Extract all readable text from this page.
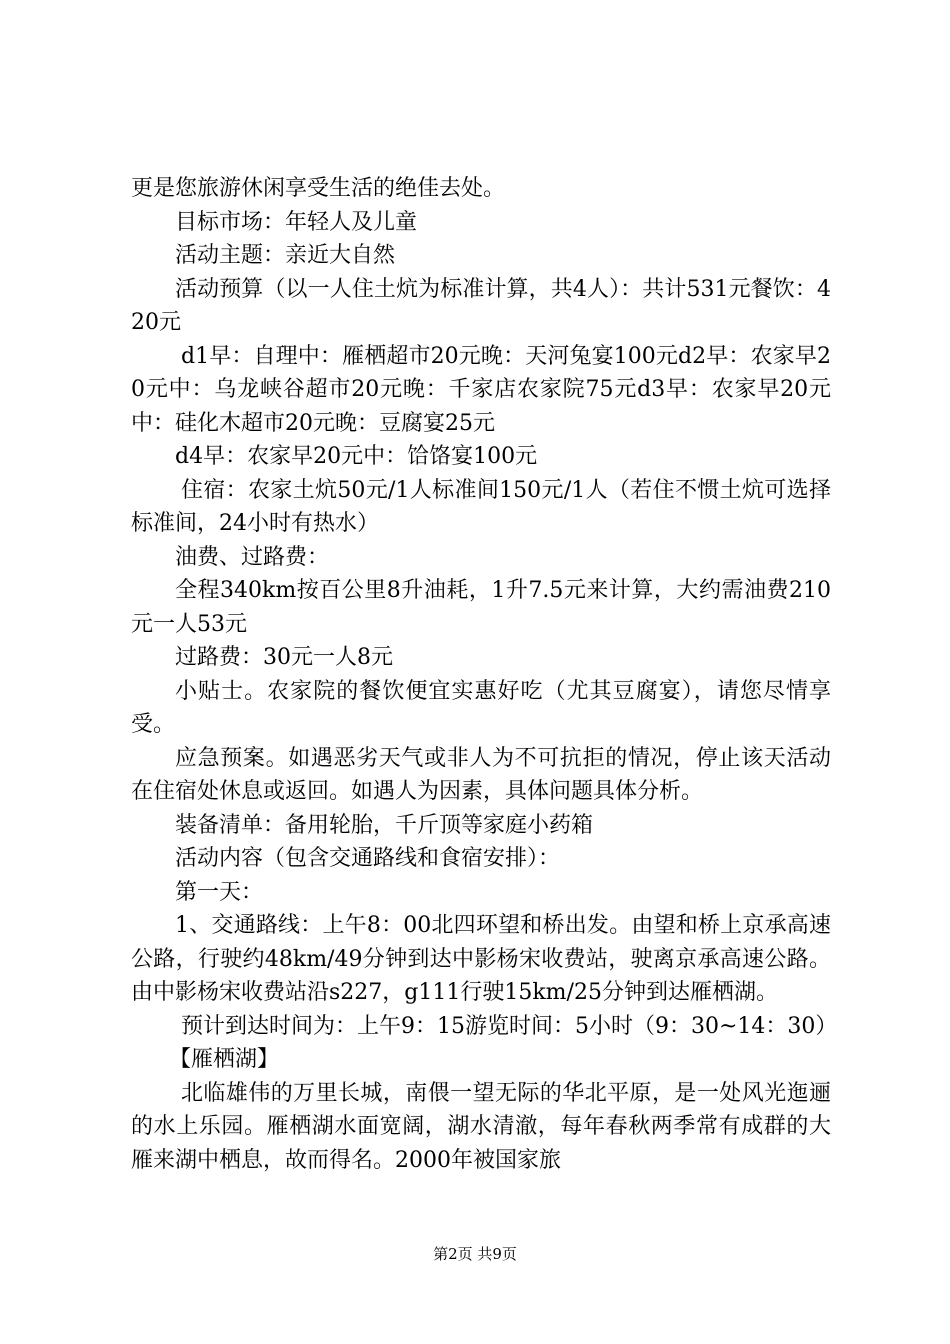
更是您旅游休闲享受生活的绝佳去处。

目标市场：年轻人及儿童

活动主题：亲近大自然

活动预算（以一人住土炕为标准计算，共4人）：共计531元餐饮：420元

d1早：自理中：雁栖超市20元晚：天河兔宴100元d2早：农家早20元中：乌龙峡谷超市20元晚：千家店农家院75元d3早：农家早20元中：硅化木超市20元晚：豆腐宴25元

d4早：农家早20元中：饸饹宴100元

住宿：农家土炕50元/1人标准间150元/1人（若住不惯土炕可选择标准间，24小时有热水）

油费、过路费：

全程340km按百公里8升油耗，1升7.5元来计算，大约需油费210元一人53元

过路费：30元一人8元

小贴士。农家院的餐饮便宜实惠好吃（尤其豆腐宴），请您尽情享受。

应急预案。如遇恶劣天气或非人为不可抗拒的情况，停止该天活动在住宿处休息或返回。如遇人为因素，具体问题具体分析。

装备清单：备用轮胎，千斤顶等家庭小药箱

活动内容（包含交通路线和食宿安排）：

第一天：

1、交通路线：上午8：00北四环望和桥出发。由望和桥上京承高速公路，行驶约48km/49分钟到达中影杨宋收费站，驶离京承高速公路。由中影杨宋收费站沿s227，g111行驶15km/25分钟到达雁栖湖。

预计到达时间为：上午9：15游览时间：5小时（9：30~14：30）

【雁栖湖】

北临雄伟的万里长城，南偎一望无际的华北平原，是一处风光迤逦的水上乐园。雁栖湖水面宽阔，湖水清澈，每年春秋两季常有成群的大雁来湖中栖息，故而得名。2000年被国家旅

第2页 共9页
